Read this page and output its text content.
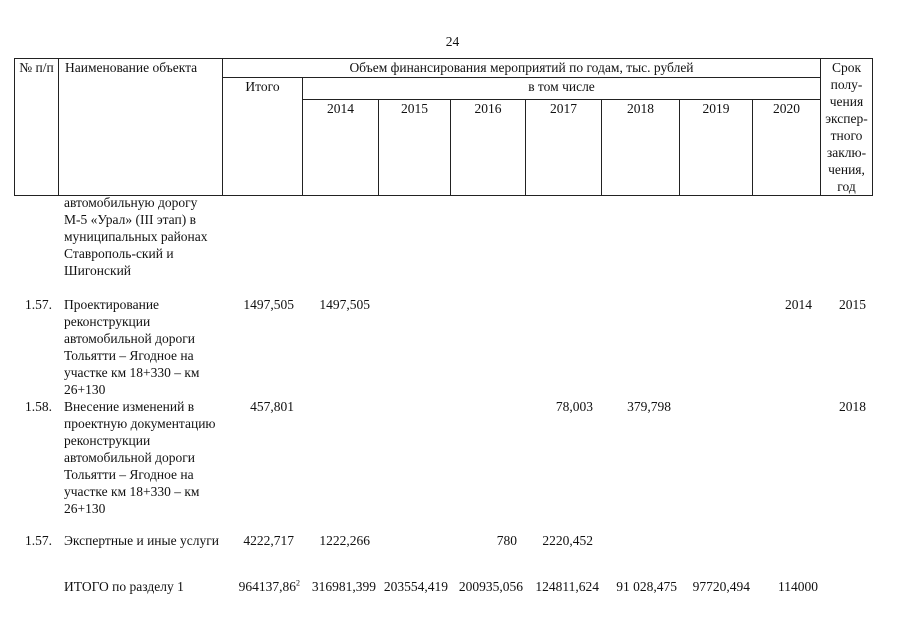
24
№ п/п	Наименование объекта	Объем финансирования мероприятий по годам, тыс. рублей								Срок полу-чения экспер-тного заклю-чения, год
		Итого	в том числе							
			2014	2015	2016	2017	2018	2019	2020	
	автомобильную дорогу М-5 «Урал» (III этап) в муниципальных районах Ставрополь-ский и Шигонский									
1.57.	Проектирование реконструкции автомобильной дороги Тольятти – Ягодное на участке км 18+330 – км 26+130	1497,505	1497,505						2014	2015
1.58.	Внесение изменений в проектную документацию реконструкции автомобильной дороги Тольятти – Ягодное на участке км 18+330 – км 26+130	457,801				78,003	379,798			2018
1.57.	Экспертные и иные услуги	4222,717	1222,266		780	2220,452				
	ИТОГО по разделу 1	964137,86$^2$	316981,399	203554,419	200935,056	124811,624	91 028,475	97720,494	114000	
